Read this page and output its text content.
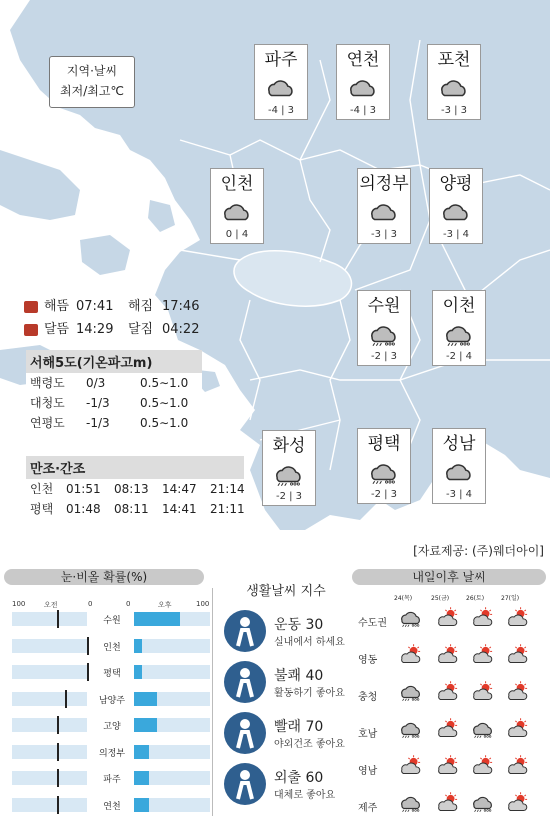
지역·날씨
최저/최고℃
파주
-4 | 3
연천
-4 | 3
포천
-3 | 3
인천
0 | 4
의정부
-3 | 3
양평
-3 | 4
수원
-2 | 3
이천
-2 | 4
화성
-2 | 3
평택
-2 | 3
성남
-3 | 4
해뜸 07:41 해짐 17:46
달뜸 14:29 달짐 04:22
서해5도(기온파고m)
백령도 0/3	0.5∼1.0
대청도 -1/3	0.5∼1.0
연평도 -1/3	0.5∼1.0
만조·간조
인천 01:51 08:13 14:47 21:14
평택 01:48 08:11 14:41 21:11
[자료제공: (주)웨더아이]
눈·비올 확률(%)
생활날씨 지수
내일이후 날씨
100	오전	0	0	오후	100
수원
인천
평택
남양주
고양
의정부
파주
연천
운동 30
실내에서 하세요
불쾌 40
활동하기 좋아요
빨래 70
야외건조 좋아요
외출 60
대체로 좋아요
24(목)	25(금)	26(토)	27(일)
수도권
영동
충청
호남
영남
제주
